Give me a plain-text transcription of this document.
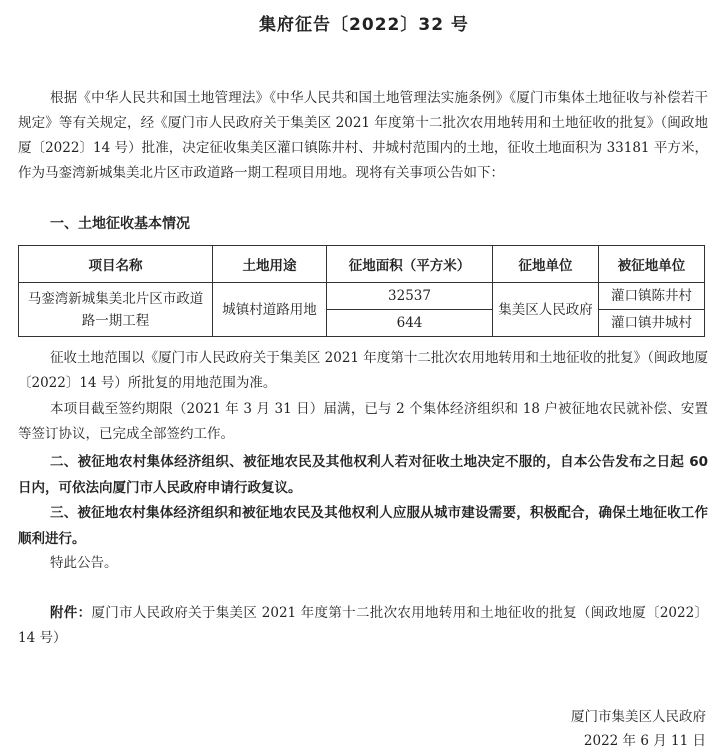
集府征告〔2022〕32 号

根据《中华人民共和国土地管理法》《中华人民共和国土地管理法实施条例》《厦门市集体土地征收与补偿若干规定》等有关规定，经《厦门市人民政府关于集美区 2021 年度第十二批次农用地转用和土地征收的批复》（闽政地厦〔2022〕14 号）批准，决定征收集美区灌口镇陈井村、井城村范围内的土地，征收土地面积为 33181 平方米，作为马銮湾新城集美北片区市政道路一期工程项目用地。现将有关事项公告如下：

一、土地征收基本情况
项目名称	土地用途	征地面积（平方米）	征地单位	被征地单位
马銮湾新城集美北片区市政道路一期工程	城镇村道路用地	32537	集美区人民政府	灌口镇陈井村
		644		灌口镇井城村

征收土地范围以《厦门市人民政府关于集美区 2021 年度第十二批次农用地转用和土地征收的批复》（闽政地厦〔2022〕14 号）所批复的用地范围为准。

本项目截至签约期限（2021 年 3 月 31 日）届满，已与 2 个集体经济组织和 18 户被征地农民就补偿、安置等签订协议，已完成全部签约工作。

二、被征地农村集体经济组织、被征地农民及其他权利人若对征收土地决定不服的，自本公告发布之日起 60 日内，可依法向厦门市人民政府申请行政复议。

三、被征地农村集体经济组织和被征地农民及其他权利人应服从城市建设需要，积极配合，确保土地征收工作顺利进行。

特此公告。

附件：厦门市人民政府关于集美区 2021 年度第十二批次农用地转用和土地征收的批复（闽政地厦〔2022〕14 号）

厦门市集美区人民政府
2022 年 6 月 11 日
